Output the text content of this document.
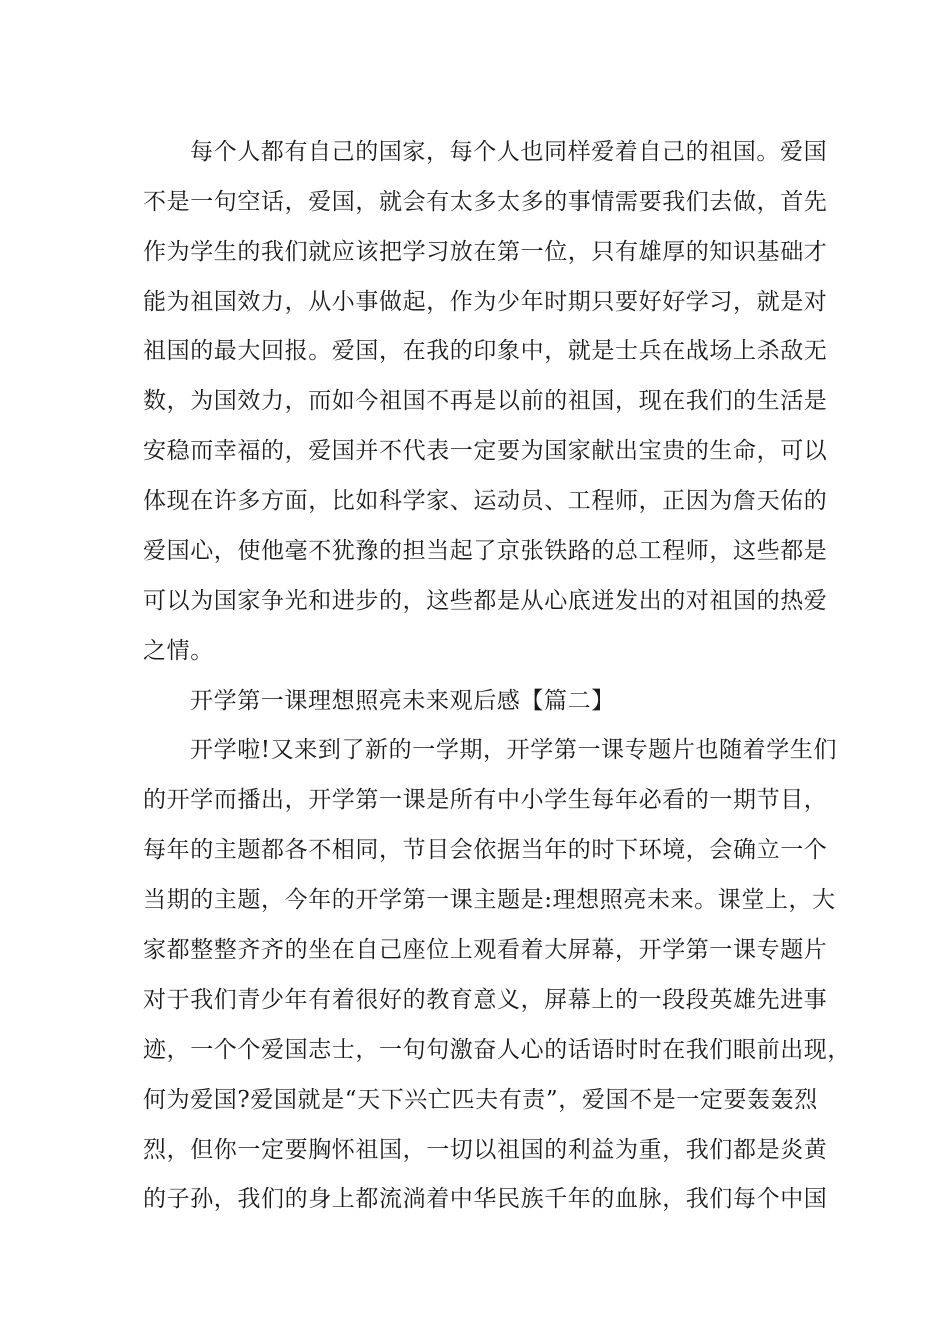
每个人都有自己的国家，每个人也同样爱着自己的祖国。爱国
不是一句空话，爱国，就会有太多太多的事情需要我们去做，首先
作为学生的我们就应该把学习放在第一位，只有雄厚的知识基础才
能为祖国效力，从小事做起，作为少年时期只要好好学习，就是对
祖国的最大回报。爱国，在我的印象中，就是士兵在战场上杀敌无
数，为国效力，而如今祖国不再是以前的祖国，现在我们的生活是
安稳而幸福的，爱国并不代表一定要为国家献出宝贵的生命，可以
体现在许多方面，比如科学家、运动员、工程师，正因为詹天佑的
爱国心，使他毫不犹豫的担当起了京张铁路的总工程师，这些都是
可以为国家争光和进步的，这些都是从心底迸发出的对祖国的热爱
之情。
开学第一课理想照亮未来观后感【篇二】
开学啦!又来到了新的一学期，开学第一课专题片也随着学生们
的开学而播出，开学第一课是所有中小学生每年必看的一期节目，
每年的主题都各不相同，节目会依据当年的时下环境，会确立一个
当期的主题，今年的开学第一课主题是:理想照亮未来。课堂上，大
家都整整齐齐的坐在自己座位上观看着大屏幕，开学第一课专题片
对于我们青少年有着很好的教育意义，屏幕上的一段段英雄先进事
迹，一个个爱国志士，一句句激奋人心的话语时时在我们眼前出现，
何为爱国?爱国就是“天下兴亡匹夫有责”，爱国不是一定要轰轰烈
烈，但你一定要胸怀祖国，一切以祖国的利益为重，我们都是炎黄
的子孙，我们的身上都流淌着中华民族千年的血脉，我们每个中国
